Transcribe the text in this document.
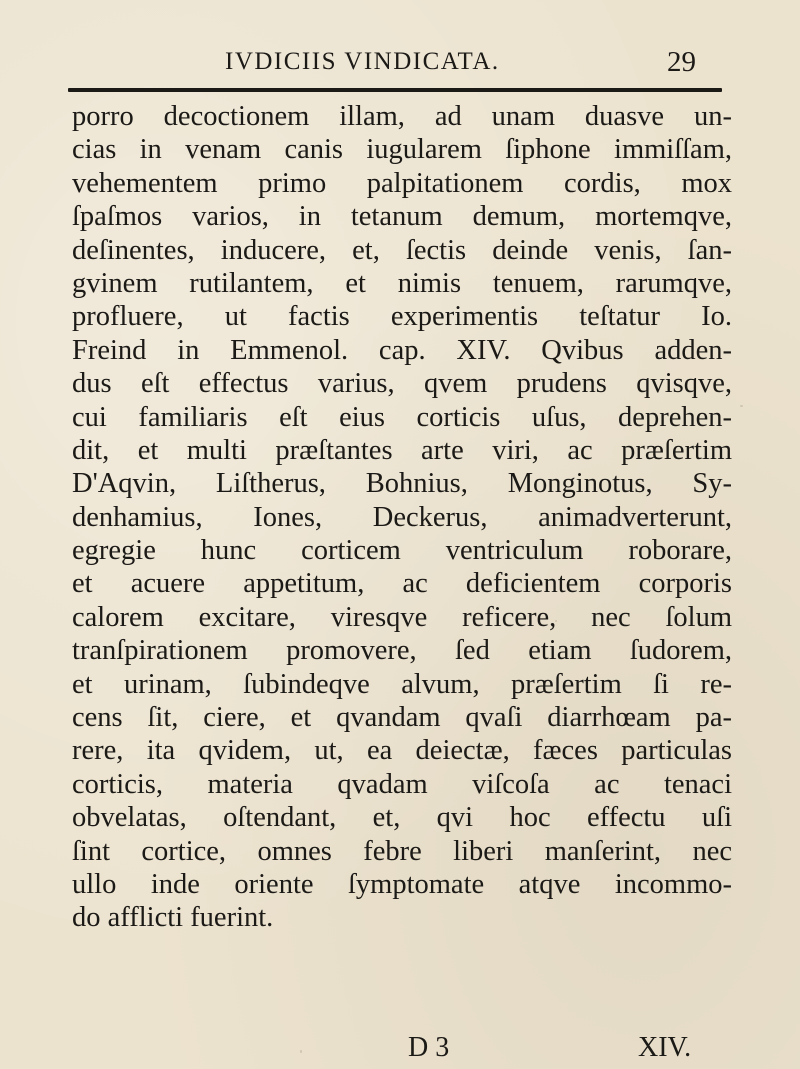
IVDICIIS VINDICATA.	29
porro decoctionem illam, ad unam duasve un-
cias in venam canis iugularem ſiphone immiſſam,
vehementem primo palpitationem cordis, mox
ſpaſmos varios, in tetanum demum, mortemqve,
deſinentes, inducere, et, ſectis deinde venis, ſan-
gvinem rutilantem, et nimis tenuem, rarumqve,
profluere, ut factis experimentis teſtatur Io.
Freind in Emmenol. cap. XIV. Qvibus adden-
dus eſt effectus varius, qvem prudens qvisqve,
cui familiaris eſt eius corticis uſus, deprehen-
dit, et multi præſtantes arte viri, ac præſertim
D'Aqvin, Liſtherus, Bohnius, Monginotus, Sy-
denhamius, Iones, Deckerus, animadverterunt,
egregie hunc corticem ventriculum roborare,
et acuere appetitum, ac deficientem corporis
calorem excitare, viresqve reficere, nec ſolum
tranſpirationem promovere, ſed etiam ſudorem,
et urinam, ſubindeqve alvum, præſertim ſi re-
cens ſit, ciere, et qvandam qvaſi diarrhœam pa-
rere, ita qvidem, ut, ea deiectæ, fæces particulas
corticis, materia qvadam viſcoſa ac tenaci
obvelatas, oſtendant, et, qvi hoc effectu uſi
ſint cortice, omnes febre liberi manſerint, nec
ullo inde oriente ſymptomate atqve incommo-
do afflicti fuerint.
D 3	XIV.
